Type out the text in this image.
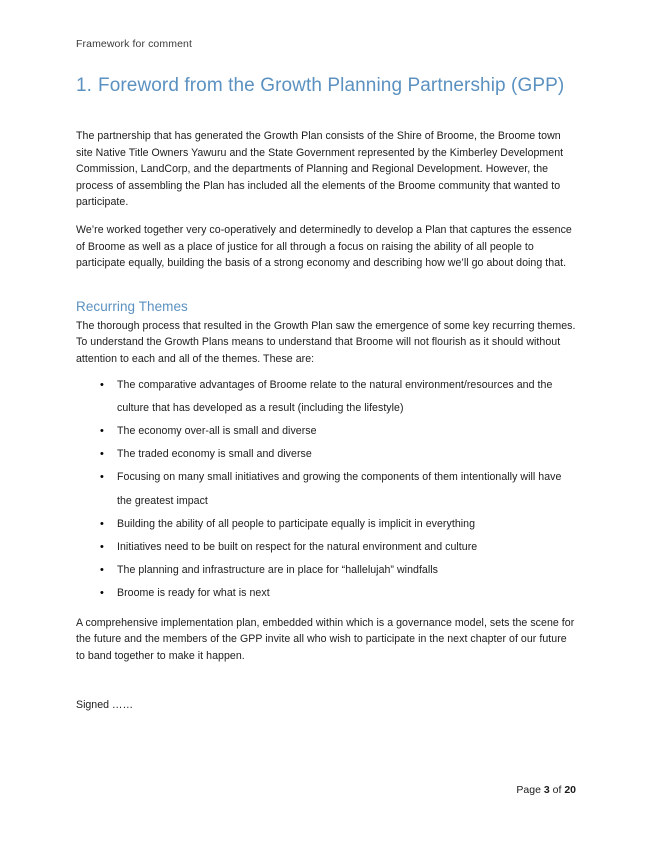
Framework for comment
1. Foreword from the Growth Planning Partnership (GPP)

The partnership that has generated the Growth Plan consists of the Shire of Broome, the Broome town site Native Title Owners Yawuru and the State Government represented by the Kimberley Development Commission, LandCorp, and the departments of Planning and Regional Development. However, the process of assembling the Plan has included all the elements of the Broome community that wanted to participate.

We’re worked together very co-operatively and determinedly to develop a Plan that captures the essence of Broome as well as a place of justice for all through a focus on raising the ability of all people to participate equally, building the basis of a strong economy and describing how we’ll go about doing that.

Recurring Themes

The thorough process that resulted in the Growth Plan saw the emergence of some key recurring themes. To understand the Growth Plans means to understand that Broome will not flourish as it should without attention to each and all of the themes. These are:

• The comparative advantages of Broome relate to the natural environment/resources and the culture that has developed as a result (including the lifestyle)
• The economy over-all is small and diverse
• The traded economy is small and diverse
• Focusing on many small initiatives and growing the components of them intentionally will have the greatest impact
• Building the ability of all people to participate equally is implicit in everything
• Initiatives need to be built on respect for the natural environment and culture
• The planning and infrastructure are in place for “hallelujah” windfalls
• Broome is ready for what is next

A comprehensive implementation plan, embedded within which is a governance model, sets the scene for the future and the members of the GPP invite all who wish to participate in the next chapter of our future to band together to make it happen.

Signed ……

Page 3 of 20
